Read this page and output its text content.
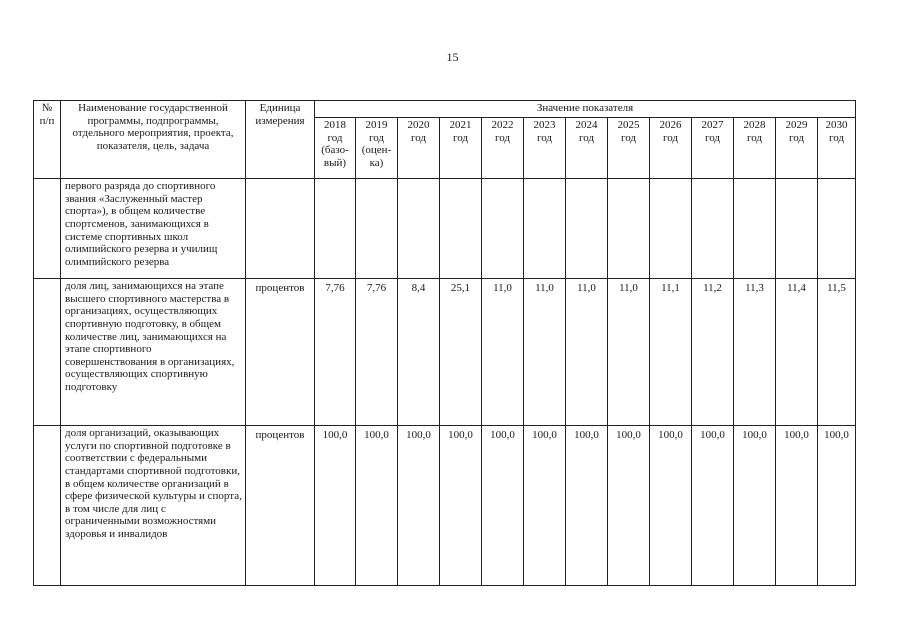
15
№ п/п	Наименование государственной программы, подпрограммы, отдельного мероприятия, проекта, показателя, цель, задача	Единица измерения	Значение показателя												
			2018
год
(базо-
вый)	2019
год
(оцен-
ка)	2020
год	2021
год	2022
год	2023
год	2024
год	2025
год	2026
год	2027
год	2028
год	2029
год	2030
год
	первого разряда до спортивного звания «Заслуженный мастер спорта»), в общем количестве спортсменов, занимающихся в системе спортивных школ олимпийского резерва и училищ олимпийского резерва														
	доля лиц, занимающихся на этапе высшего спортивного мастерства в организациях, осуществляющих спортивную подготовку, в общем количестве лиц, занимающихся на этапе спортивного совершенствования в организациях, осуществляющих спортивную подготовку	процентов	7,76	7,76	8,4	25,1	11,0	11,0	11,0	11,0	11,1	11,2	11,3	11,4	11,5
	доля организаций, оказывающих услуги по спортивной подготовке в соответствии с федеральными стандартами спортивной подготовки, в общем количестве организаций в сфере физической культуры и спорта, в том числе для лиц с ограниченными возможностями здоровья и инвалидов	процентов	100,0	100,0	100,0	100,0	100,0	100,0	100,0	100,0	100,0	100,0	100,0	100,0	100,0
